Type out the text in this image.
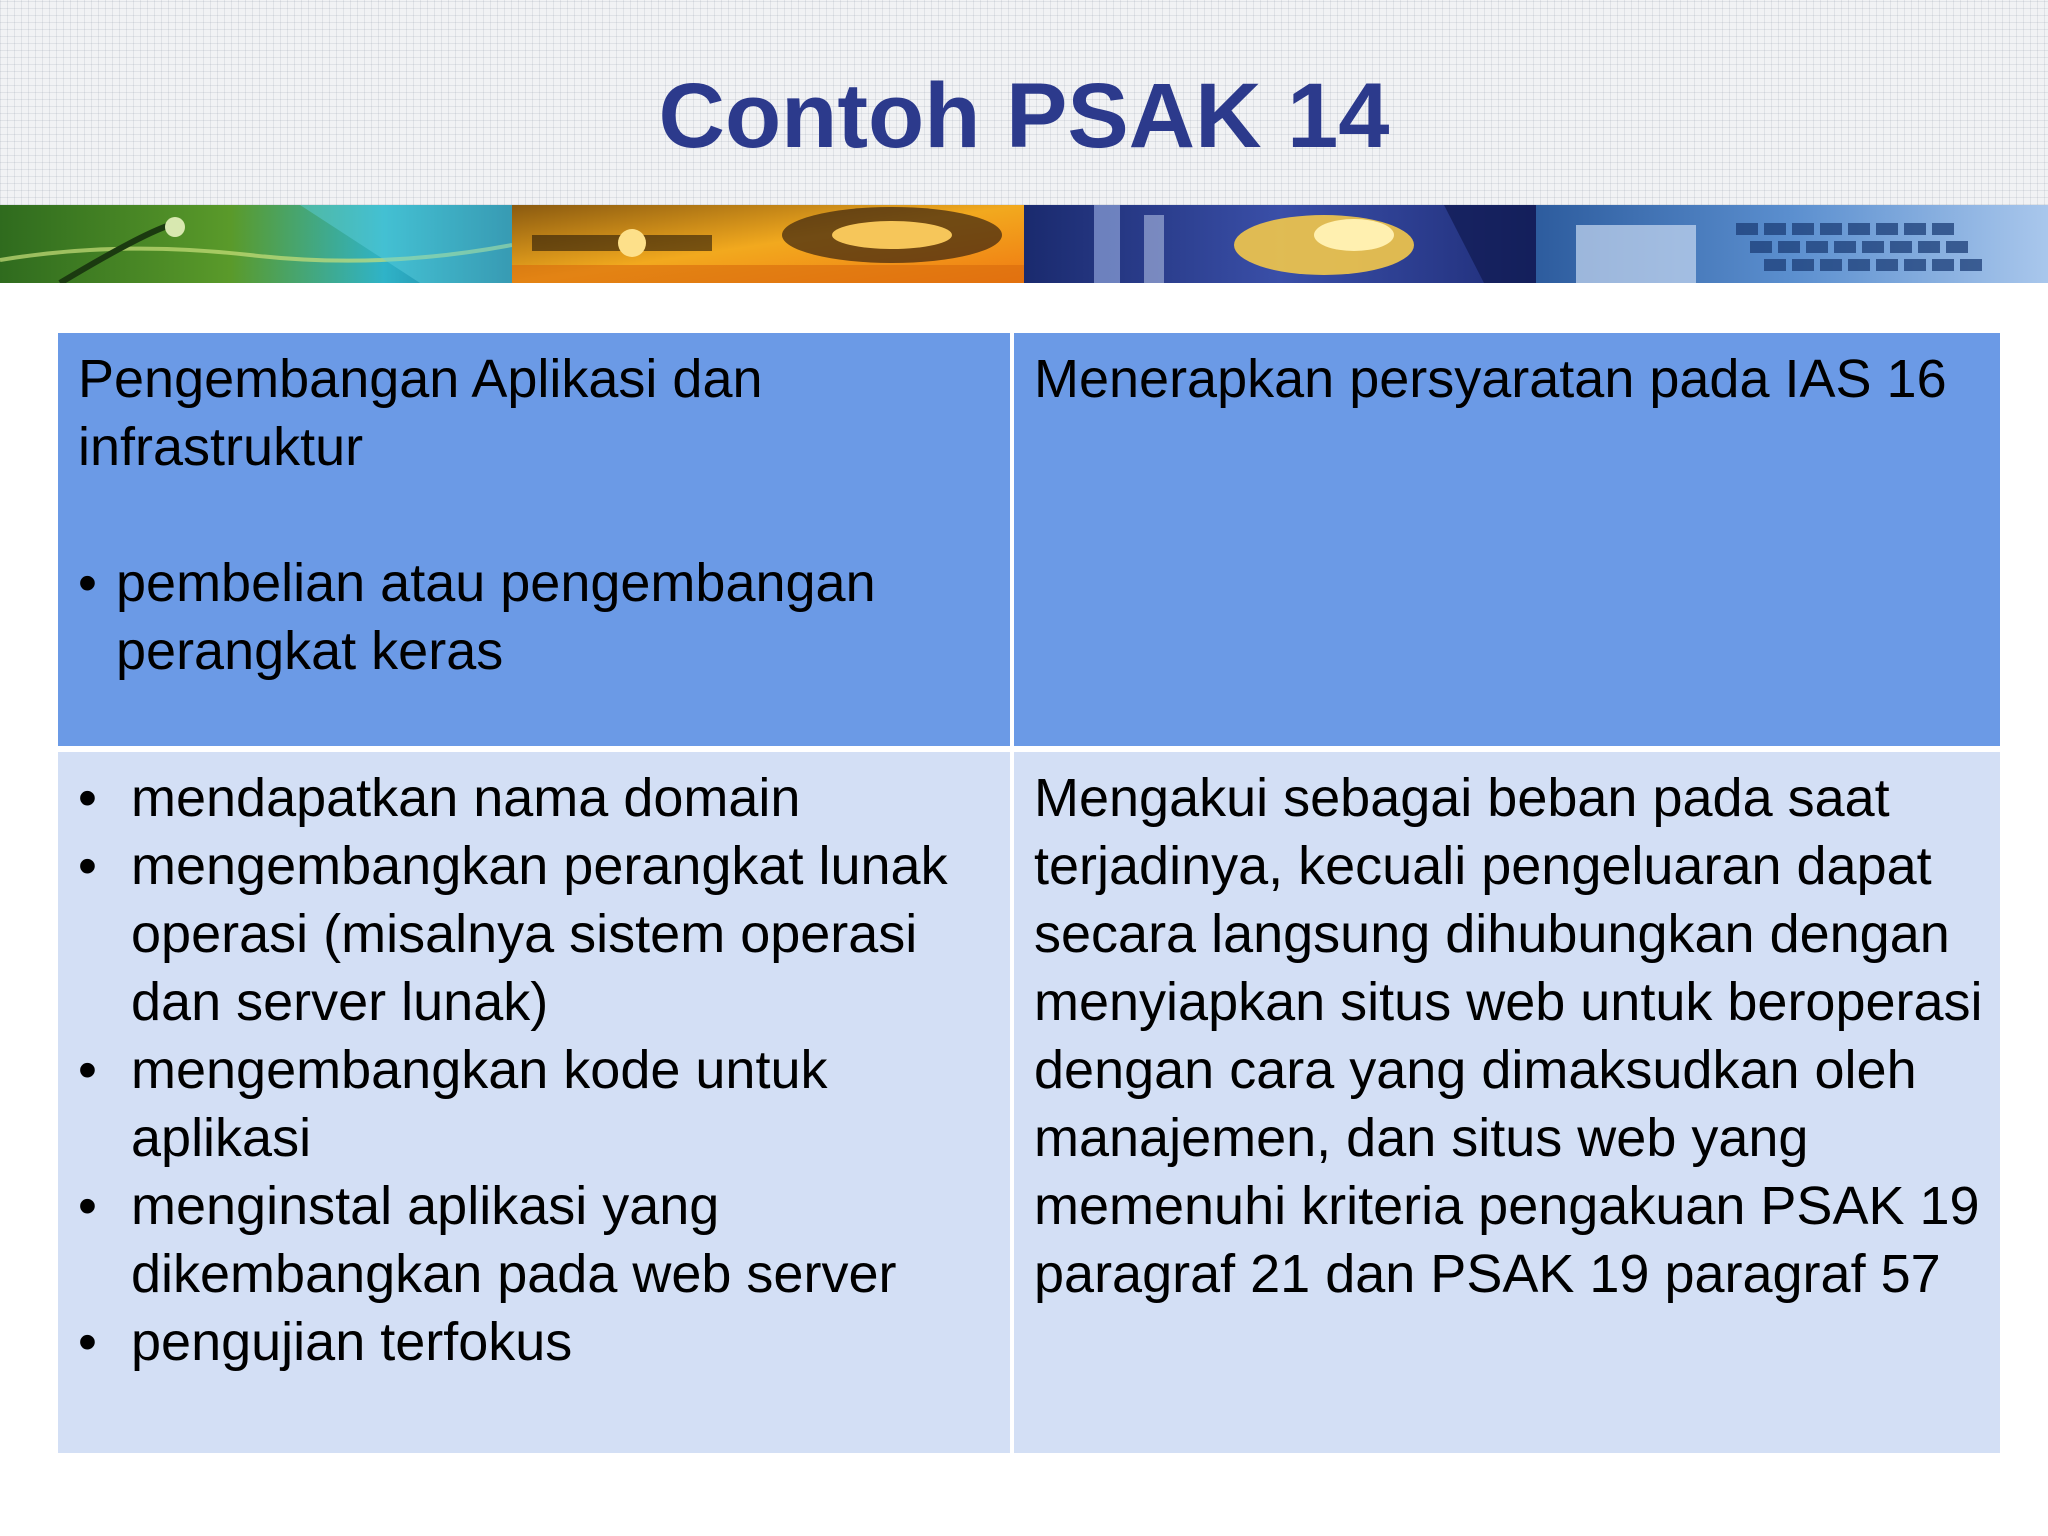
Contoh PSAK 14

Pengembangan Aplikasi dan

infrastruktur

• pembelian atau pengembangan
perangkat keras

Menerapkan persyaratan pada IAS 16

• mendapatkan nama domain
• mengembangkan perangkat lunak operasi (misalnya sistem operasi dan server lunak)
• mengembangkan kode untuk aplikasi
• menginstal aplikasi yang dikembangkan pada web server
• pengujian terfokus

Mengakui sebagai beban pada saat terjadinya, kecuali pengeluaran dapat secara langsung dihubungkan dengan menyiapkan situs web untuk beroperasi dengan cara yang dimaksudkan oleh manajemen, dan situs web yang memenuhi kriteria pengakuan PSAK 19 paragraf 21 dan PSAK 19 paragraf 57
